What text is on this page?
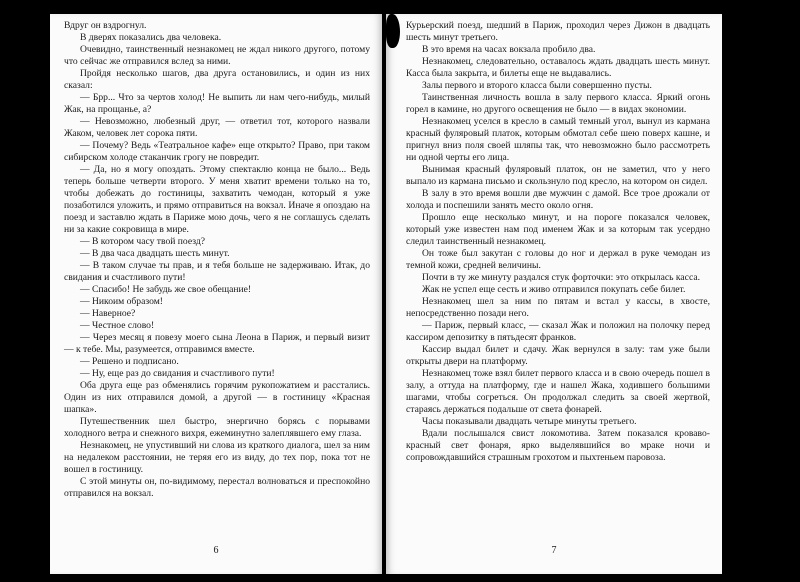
Вдруг он вздрогнул.

В дверях показались два человека.

Очевидно, таинственный незнакомец не ждал никого другого, потому что сейчас же отправился вслед за ними.

Пройдя несколько шагов, два друга остановились, и один из них сказал:

— Брр... Что за чертов холод! Не выпить ли нам чего-нибудь, милый Жак, на прощанье, а?

— Невозможно, любезный друг, — ответил тот, которого назвали Жаком, человек лет сорока пяти.

— Почему? Ведь «Театральное кафе» еще открыто? Право, при таком сибирском холоде стаканчик грогу не повредит.

— Да, но я могу опоздать. Этому спектаклю конца не было... Ведь теперь больше четверти второго. У меня хватит времени только на то, чтобы добежать до гостиницы, захватить чемодан, который я уже позаботился уложить, и прямо отправиться на вокзал. Иначе я опоздаю на поезд и заставлю ждать в Париже мою дочь, чего я не соглашусь сделать ни за какие сокровища в мире.

— В котором часу твой поезд?

— В два часа двадцать шесть минут.

— В таком случае ты прав, и я тебя больше не задерживаю. Итак, до свидания и счастливого пути!

— Спасибо! Не забудь же свое обещание!

— Никоим образом!

— Наверное?

— Честное слово!

— Через месяц я повезу моего сына Леона в Париж, и первый визит — к тебе. Мы, разумеется, отправимся вместе.

— Решено и подписано.

— Ну, еще раз до свидания и счастливого пути!

Оба друга еще раз обменялись горячим рукопожатием и расстались. Один из них отправился домой, а другой — в гостиницу «Красная шапка».

Путешественник шел быстро, энергично борясь с порывами холодного ветра и снежного вихря, ежеминутно залеплявшего ему глаза.

Незнакомец, не упустивший ни слова из краткого диалога, шел за ним на недалеком расстоянии, не теряя его из виду, до тех пор, пока тот не вошел в гостиницу.

С этой минуты он, по-видимому, перестал волноваться и преспокойно отправился на вокзал.

6

Курьерский поезд, шедший в Париж, проходил через Дижон в двадцать шесть минут третьего.

В это время на часах вокзала пробило два.

Незнакомец, следовательно, оставалось ждать двадцать шесть минут. Касса была закрыта, и билеты еще не выдавались.

Залы первого и второго класса были совершенно пусты.

Таинственная личность вошла в залу первого класса. Яркий огонь горел в камине, но другого освещения не было — в видах экономии.

Незнакомец уселся в кресло в самый темный угол, вынул из кармана красный фуляровый платок, которым обмотал себе шею поверх кашне, и пригнул вниз поля своей шляпы так, что невозможно было рассмотреть ни одной черты его лица.

Вынимая красный фуляровый платок, он не заметил, что у него выпало из кармана письмо и скользнуло под кресло, на котором он сидел.

В залу в это время вошли две мужчин с дамой. Все трое дрожали от холода и поспешили занять место около огня.

Прошло еще несколько минут, и на пороге показался человек, который уже известен нам под именем Жак и за которым так усердно следил таинственный незнакомец.

Он тоже был закутан с головы до ног и держал в руке чемодан из темной кожи, средней величины.

Почти в ту же минуту раздался стук форточки: это открылась касса.

Жак не успел еще сесть и живо отправился покупать себе билет.

Незнакомец шел за ним по пятам и встал у кассы, в хвосте, непосредственно позади него.

— Париж, первый класс, — сказал Жак и положил на полочку перед кассиром депозитку в пятьдесят франков.

Кассир выдал билет и сдачу. Жак вернулся в залу: там уже были открыты двери на платформу.

Незнакомец тоже взял билет первого класса и в свою очередь пошел в залу, а оттуда на платформу, где и нашел Жака, ходившего большими шагами, чтобы согреться. Он продолжал следить за своей жертвой, стараясь держаться подальше от света фонарей.

Часы показывали двадцать четыре минуты третьего.

Вдали послышался свист локомотива. Затем показался кроваво-красный свет фонаря, ярко выделявшийся во мраке ночи и сопровождавшийся страшным грохотом и пыхтеньем паровоза.

7
